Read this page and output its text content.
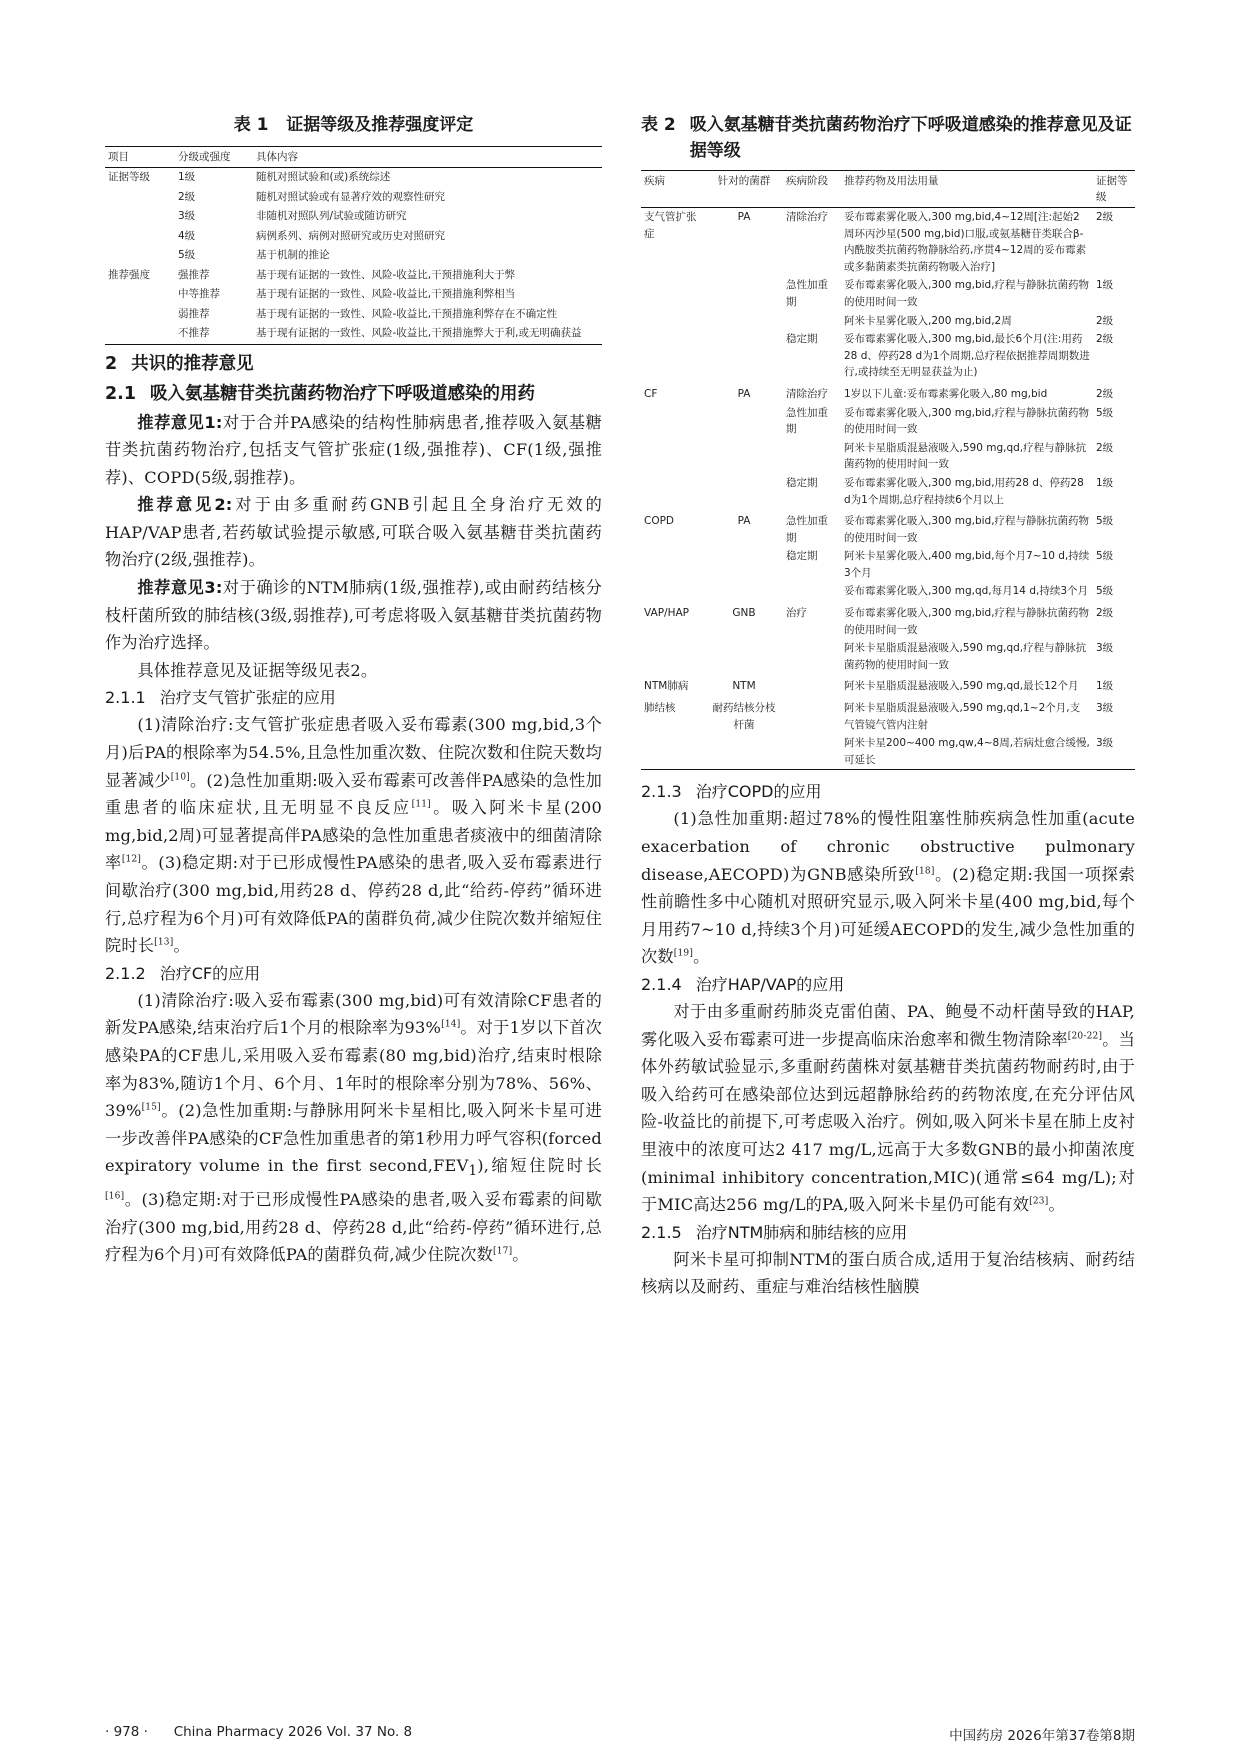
表 1 证据等级及推荐强度评定
项目	分级或强度	具体内容
证据等级	1级	随机对照试验和(或)系统综述
	2级	随机对照试验或有显著疗效的观察性研究
	3级	非随机对照队列/试验或随访研究
	4级	病例系列、病例对照研究或历史对照研究
	5级	基于机制的推论
推荐强度	强推荐	基于现有证据的一致性、风险-收益比,干预措施利大于弊
	中等推荐	基于现有证据的一致性、风险-收益比,干预措施利弊相当
	弱推荐	基于现有证据的一致性、风险-收益比,干预措施利弊存在不确定性
	不推荐	基于现有证据的一致性、风险-收益比,干预措施弊大于利,或无明确获益
2 共识的推荐意见
2.1 吸入氨基糖苷类抗菌药物治疗下呼吸道感染的用药

推荐意见1:对于合并PA感染的结构性肺病患者,推荐吸入氨基糖苷类抗菌药物治疗,包括支气管扩张症(1级,强推荐)、CF(1级,强推荐)、COPD(5级,弱推荐)。

推荐意见2:对于由多重耐药GNB引起且全身治疗无效的HAP/VAP患者,若药敏试验提示敏感,可联合吸入氨基糖苷类抗菌药物治疗(2级,强推荐)。

推荐意见3:对于确诊的NTM肺病(1级,强推荐),或由耐药结核分枝杆菌所致的肺结核(3级,弱推荐),可考虑将吸入氨基糖苷类抗菌药物作为治疗选择。

具体推荐意见及证据等级见表2。

2.1.1 治疗支气管扩张症的应用

(1)清除治疗:支气管扩张症患者吸入妥布霉素(300 mg,bid,3个月)后PA的根除率为54.5%,且急性加重次数、住院次数和住院天数均显著减少[10]。(2)急性加重期:吸入妥布霉素可改善伴PA感染的急性加重患者的临床症状,且无明显不良反应[11]。吸入阿米卡星(200 mg,bid,2周)可显著提高伴PA感染的急性加重患者痰液中的细菌清除率[12]。(3)稳定期:对于已形成慢性PA感染的患者,吸入妥布霉素进行间歇治疗(300 mg,bid,用药28 d、停药28 d,此“给药-停药”循环进行,总疗程为6个月)可有效降低PA的菌群负荷,减少住院次数并缩短住院时长[13]。

2.1.2 治疗CF的应用

(1)清除治疗:吸入妥布霉素(300 mg,bid)可有效清除CF患者的新发PA感染,结束治疗后1个月的根除率为93%[14]。对于1岁以下首次感染PA的CF患儿,采用吸入妥布霉素(80 mg,bid)治疗,结束时根除率为83%,随访1个月、6个月、1年时的根除率分别为78%、56%、39%[15]。(2)急性加重期:与静脉用阿米卡星相比,吸入阿米卡星可进一步改善伴PA感染的CF急性加重患者的第1秒用力呼气容积(forced expiratory volume in the first $second,FEV_1$),缩短住院时长[16]。(3)稳定期:对于已形成慢性PA感染的患者,吸入妥布霉素的间歇治疗(300 mg,bid,用药28 d、停药28 d,此“给药-停药”循环进行,总疗程为6个月)可有效降低PA的菌群负荷,减少住院次数[17]。

表 2 吸入氨基糖苷类抗菌药物治疗下呼吸道感染的推荐意见及证据等级
疾病	针对的菌群	疾病阶段	推荐药物及用法用量	证据等级
支气管扩张症	PA	清除治疗	妥布霉素雾化吸入,300 mg,bid,4~12周[注:起始2周环丙沙星(500 mg,bid)口服,或氨基糖苷类联合β-内酰胺类抗菌药物静脉给药,序贯4~12周的妥布霉素或多黏菌素类抗菌药物吸入治疗]	2级
		急性加重期	妥布霉素雾化吸入,300 mg,bid,疗程与静脉抗菌药物的使用时间一致	1级
			阿米卡星雾化吸入,200 mg,bid,2周	2级
		稳定期	妥布霉素雾化吸入,300 mg,bid,最长6个月(注:用药28 d、停药28 d为1个周期,总疗程依据推荐周期数进行,或持续至无明显获益为止)	2级
CF	PA	清除治疗	1岁以下儿童:妥布霉素雾化吸入,80 mg,bid	2级
		急性加重期	妥布霉素雾化吸入,300 mg,bid,疗程与静脉抗菌药物的使用时间一致	5级
			阿米卡星脂质混悬液吸入,590 mg,qd,疗程与静脉抗菌药物的使用时间一致	2级
		稳定期	妥布霉素雾化吸入,300 mg,bid,用药28 d、停药28 d为1个周期,总疗程持续6个月以上	1级
COPD	PA	急性加重期	妥布霉素雾化吸入,300 mg,bid,疗程与静脉抗菌药物的使用时间一致	5级
		稳定期	阿米卡星雾化吸入,400 mg,bid,每个月7~10 d,持续3个月	5级
			妥布霉素雾化吸入,300 mg,qd,每月14 d,持续3个月	5级
VAP/HAP	GNB	治疗	妥布霉素雾化吸入,300 mg,bid,疗程与静脉抗菌药物的使用时间一致	2级
			阿米卡星脂质混悬液吸入,590 mg,qd,疗程与静脉抗菌药物的使用时间一致	3级
NTM肺病	NTM		阿米卡星脂质混悬液吸入,590 mg,qd,最长12个月	1级
肺结核	耐药结核分枝杆菌		阿米卡星脂质混悬液吸入,590 mg,qd,1~2个月,支气管镜气管内注射	3级
			阿米卡星200~400 mg,qw,4~8周,若病灶愈合缓慢,可延长	3级
2.1.3 治疗COPD的应用

(1)急性加重期:超过78%的慢性阻塞性肺疾病急性加重(acute exacerbation of chronic obstructive pulmonary disease,AECOPD)为GNB感染所致[18]。(2)稳定期:我国一项探索性前瞻性多中心随机对照研究显示,吸入阿米卡星(400 mg,bid,每个月用药7~10 d,持续3个月)可延缓AECOPD的发生,减少急性加重的次数[19]。

2.1.4 治疗HAP/VAP的应用

对于由多重耐药肺炎克雷伯菌、PA、鲍曼不动杆菌导致的HAP,雾化吸入妥布霉素可进一步提高临床治愈率和微生物清除率[20-22]。当体外药敏试验显示,多重耐药菌株对氨基糖苷类抗菌药物耐药时,由于吸入给药可在感染部位达到远超静脉给药的药物浓度,在充分评估风险-收益比的前提下,可考虑吸入治疗。例如,吸入阿米卡星在肺上皮衬里液中的浓度可达2 417 mg/L,远高于大多数GNB的最小抑菌浓度(minimal inhibitory concentration,MIC)(通常≤64 mg/L);对于MIC高达256 mg/L的PA,吸入阿米卡星仍可能有效[23]。

2.1.5 治疗NTM肺病和肺结核的应用

阿米卡星可抑制NTM的蛋白质合成,适用于复治结核病、耐药结核病以及耐药、重症与难治结核性脑膜

· 978 · China Pharmacy 2026 Vol. 37 No. 8	中国药房 2026年第37卷第8期
